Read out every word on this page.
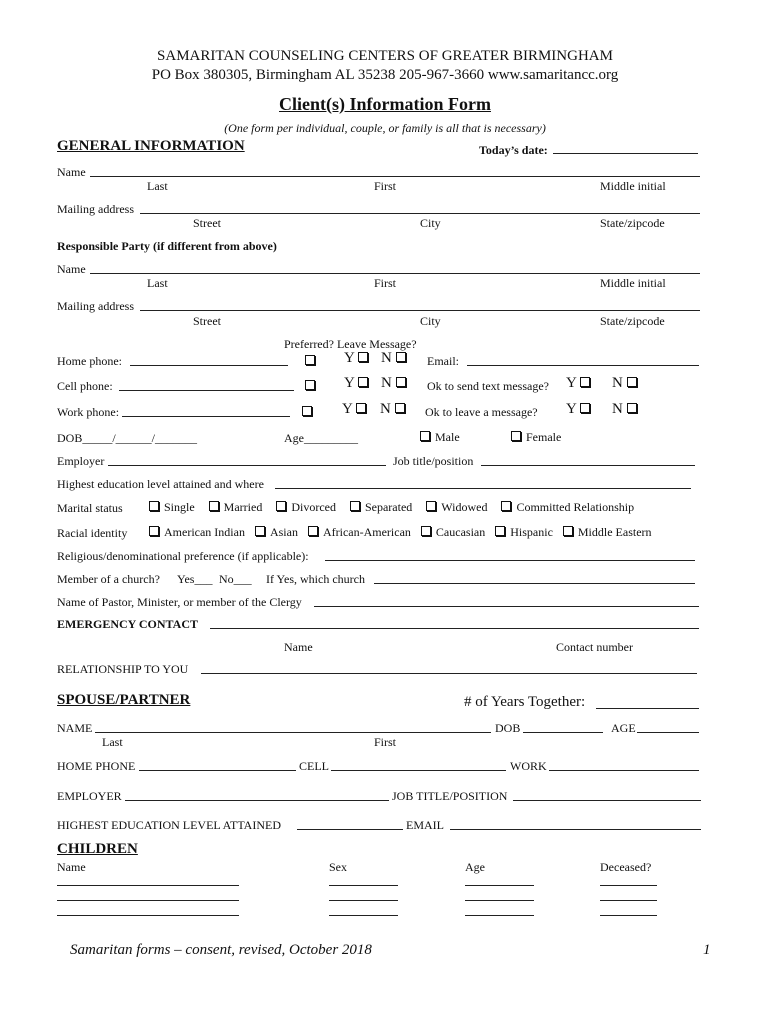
SAMARITAN COUNSELING CENTERS OF GREATER BIRMINGHAM
PO Box 380305, Birmingham AL 35238 205-967-3660 www.samaritancc.org
Client(s) Information Form
(One form per individual, couple, or family is all that is necessary)
GENERAL INFORMATION	Today’s date:
Name
Last	First	Middle initial
Mailing address
Street	City	State/zipcode
Responsible Party (if different from above)
Name
Last	First	Middle initial
Mailing address
Street	City	State/zipcode
Preferred? Leave Message?
Home phone:	Y	N	Email:
Cell phone:	Y	N	Ok to send text message? Y	N
Work phone:	Y	N	Ok to leave a message? Y	N
DOB_____/______/_______	Age_________	Male	Female
Employer	Job title/position
Highest education level attained and where
Marital status	Single Married Divorced Separated Widowed Committed Relationship
Racial identity	American Indian Asian African-American Caucasian Hispanic Middle Eastern
Religious/denominational preference (if applicable):
Member of a church? Yes___ No___ If Yes, which church
Name of Pastor, Minister, or member of the Clergy
EMERGENCY CONTACT
Name	Contact number
RELATIONSHIP TO YOU
SPOUSE/PARTNER	# of Years Together:
NAME	DOB	AGE
Last	First
HOME PHONE	CELL	WORK
EMPLOYER	JOB TITLE/POSITION
HIGHEST EDUCATION LEVEL ATTAINED	EMAIL
CHILDREN
Name	Sex	Age	Deceased?
Samaritan forms – consent, revised, October 2018	1
